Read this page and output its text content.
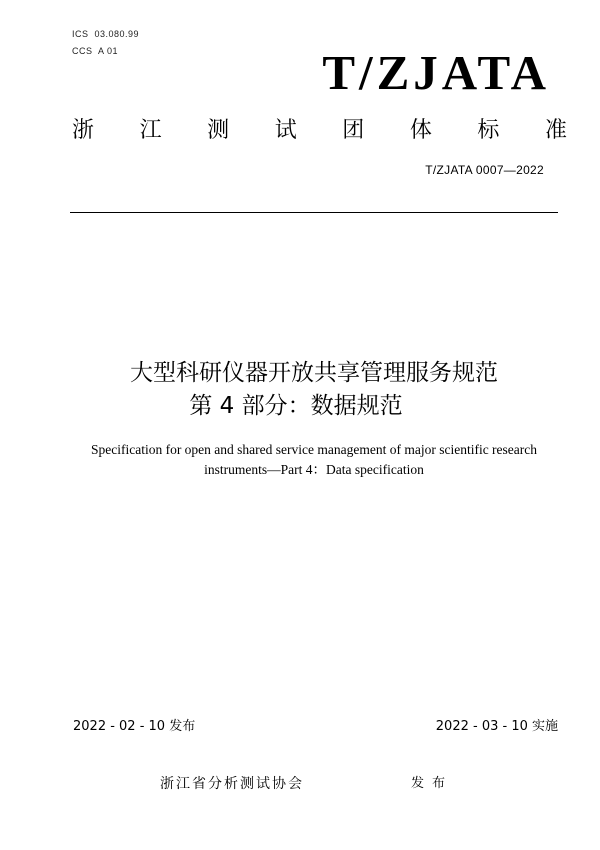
ICS  03.080.99
CCS  A 01	T/ZJATA
浙 江 测 试 团 体 标 准
T/ZJATA 0007—2022
大型科研仪器开放共享管理服务规范
第 4 部分：数据规范
Specification for open and shared service management of major scientific research
instruments—Part 4：Data specification
2022 - 02 - 10 发布	2022 - 03 - 10 实施
浙江省分析测试协会	发布
